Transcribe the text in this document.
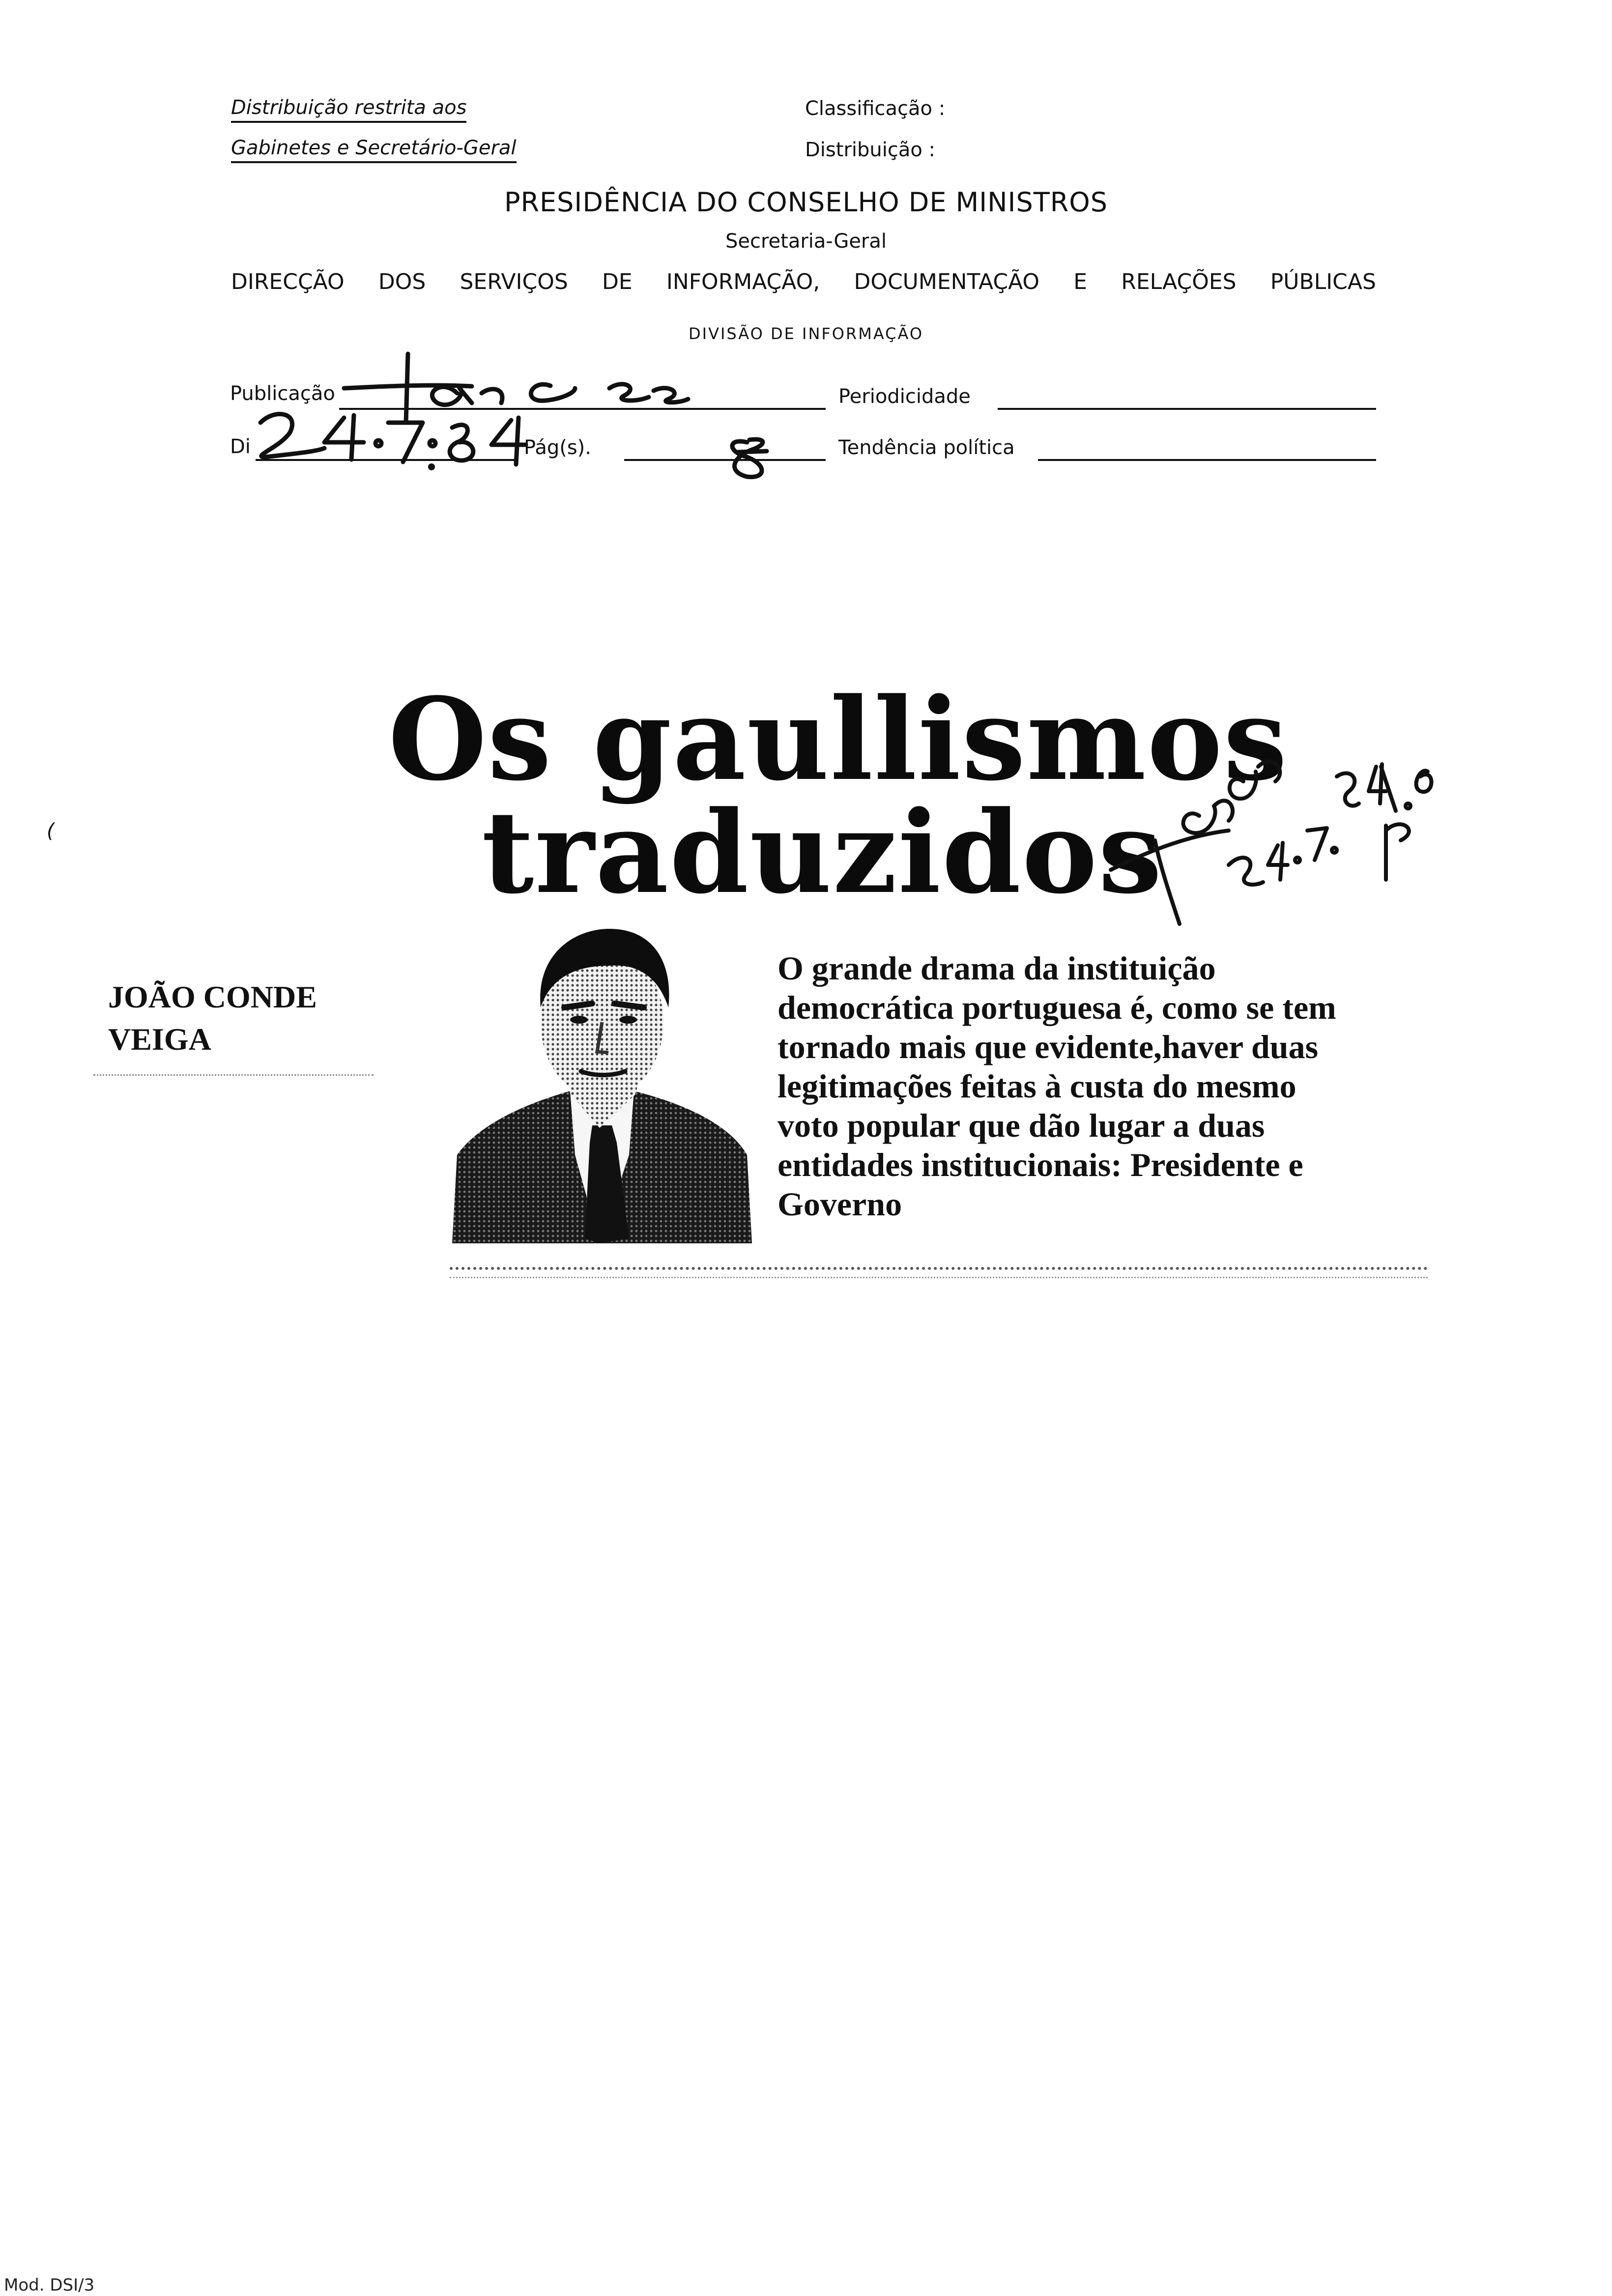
Distribuição restrita aos
Gabinetes e Secretário-Geral
Classificação :
Distribuição :
PRESIDÊNCIA DO CONSELHO DE MINISTROS
Secretaria-Geral
DIRECÇÃO DOS SERVIÇOS DE INFORMAÇÃO, DOCUMENTAÇÃO E RELAÇÕES PÚBLICAS
DIVISÃO DE INFORMAÇÃO
Publicação	Periodicidade
Di	Pág(s).	Tendência política
Os gaullismos
traduzidos
JOÃO CONDE
VEIGA
O grande drama da instituição
democrática portuguesa é, como se tem
tornado mais que evidente,haver duas
legitimações feitas à custa do mesmo
voto popular que dão lugar a duas
entidades institucionais: Presidente e
Governo
(
Mod. DSI/3
